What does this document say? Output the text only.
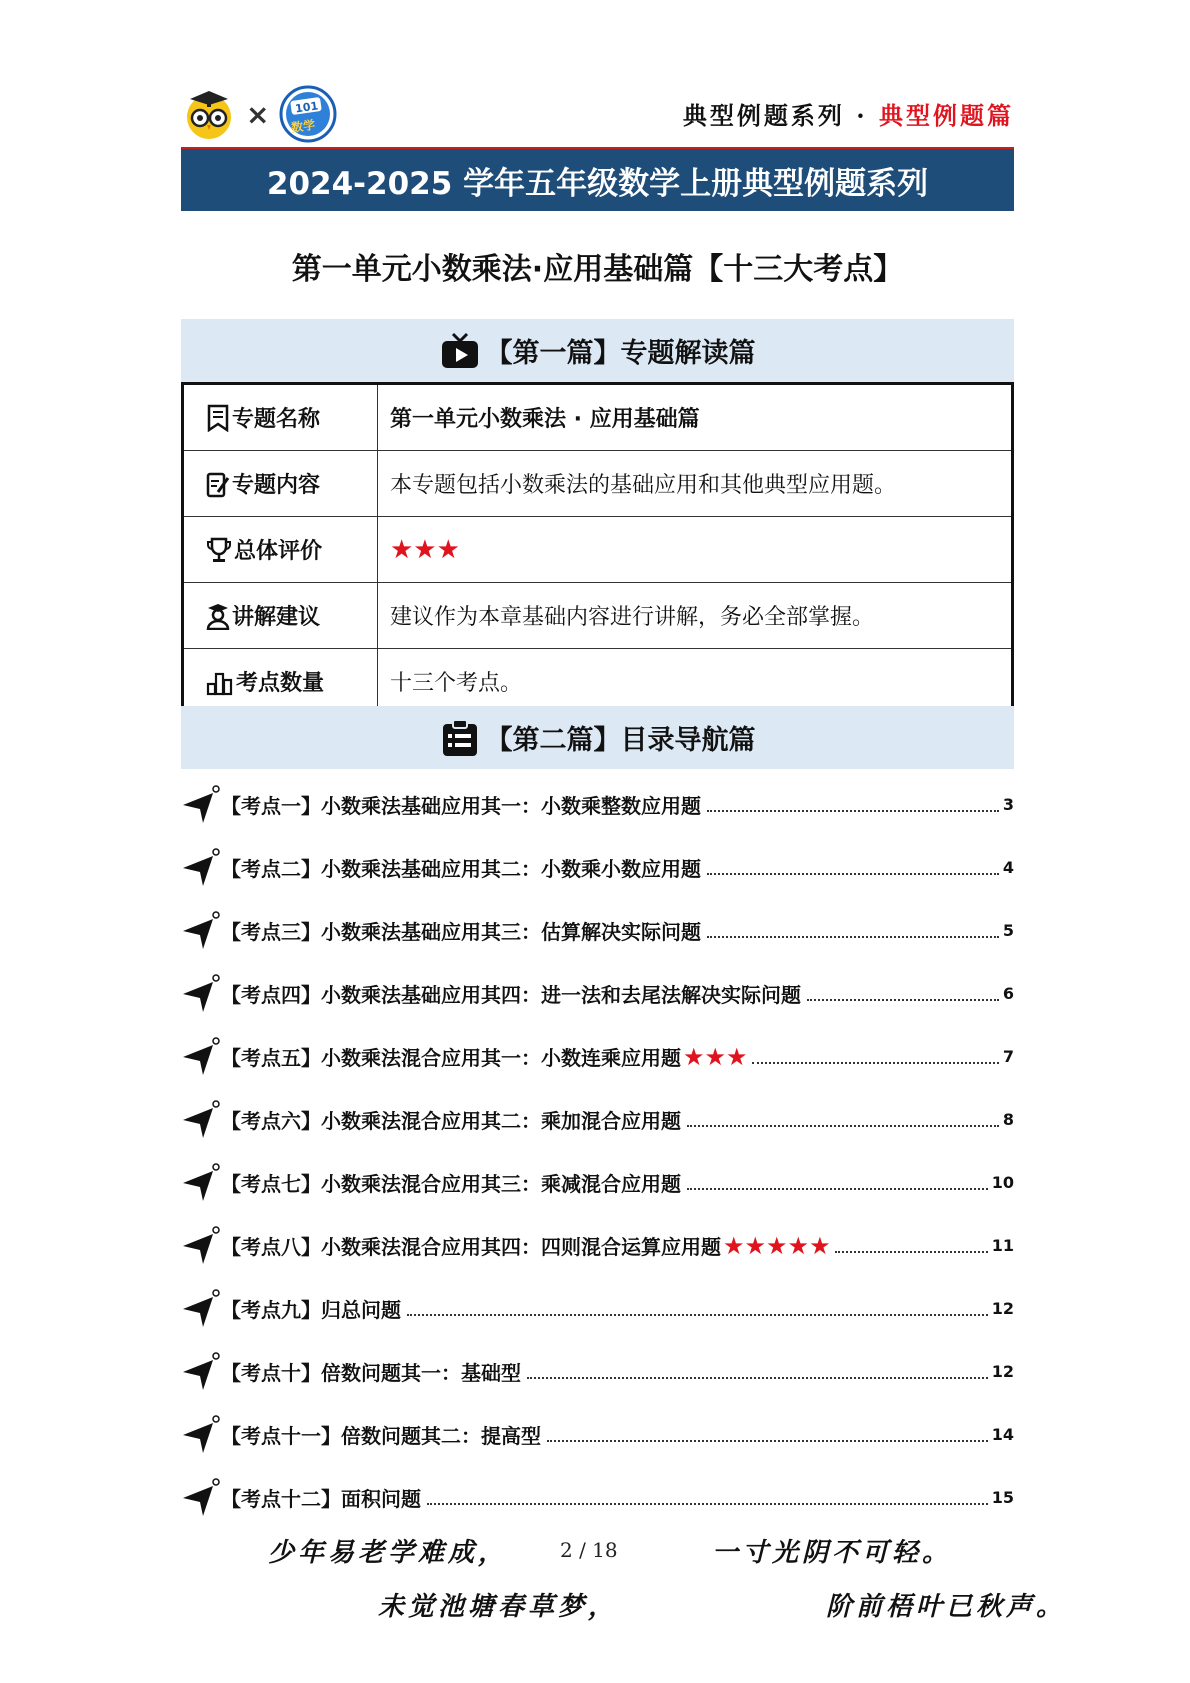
× 101
数学	典型例题系列 · 典型例题篇
2024-2025 学年五年级数学上册典型例题系列
第一单元小数乘法·应用基础篇【十三大考点】
【第一篇】专题解读篇
专题名称	第一单元小数乘法 · 应用基础篇
专题内容	本专题包括小数乘法的基础应用和其他典型应用题。
总体评价	★★★
讲解建议	建议作为本章基础内容进行讲解，务必全部掌握。
考点数量	十三个考点。
【第二篇】目录导航篇
【考点一】小数乘法基础应用其一：小数乘整数应用题	3
【考点二】小数乘法基础应用其二：小数乘小数应用题	4
【考点三】小数乘法基础应用其三：估算解决实际问题	5
【考点四】小数乘法基础应用其四：进一法和去尾法解决实际问题	6
【考点五】小数乘法混合应用其一：小数连乘应用题 ★★★	7
【考点六】小数乘法混合应用其二：乘加混合应用题	8
【考点七】小数乘法混合应用其三：乘减混合应用题	10
【考点八】小数乘法混合应用其四：四则混合运算应用题 ★★★★★	11
【考点九】归总问题	12
【考点十】倍数问题其一：基础型	12
【考点十一】倍数问题其二：提高型	14
【考点十二】面积问题	15
少年易老学难成，	2 / 18	一寸光阴不可轻。
未觉池塘春草梦，	阶前梧叶已秋声。
